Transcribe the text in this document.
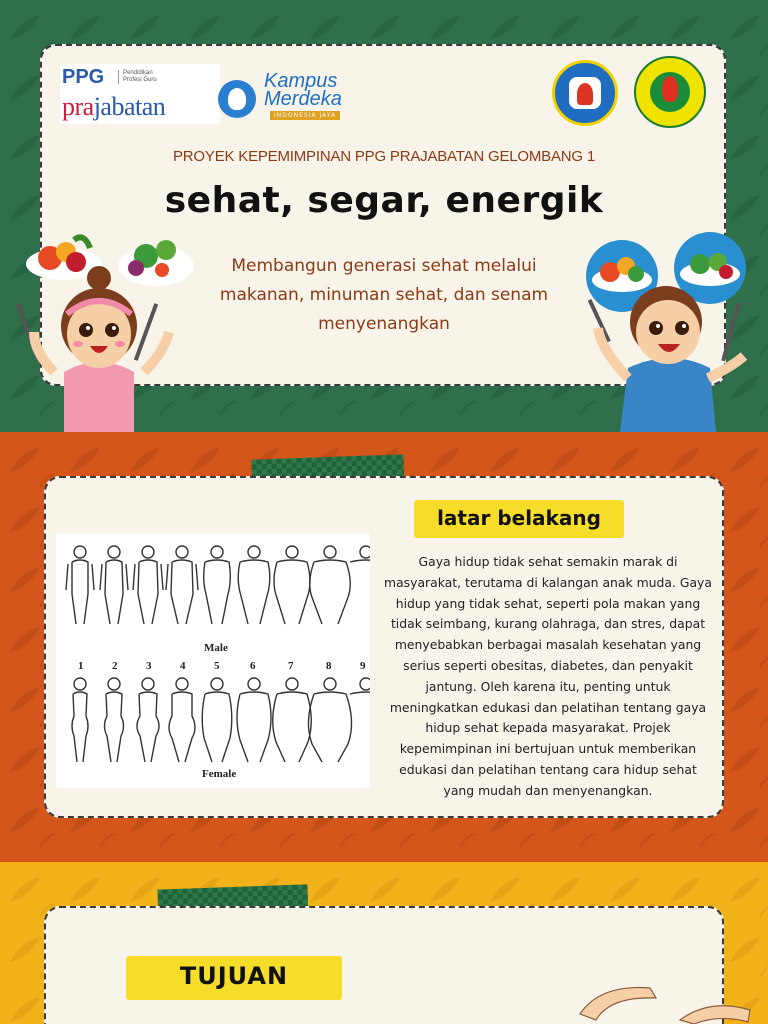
PPG	Pendidikan Profesi Guru
prajabatan
Kampus
Merdeka
INDONESIA JAYA
PROYEK KEPEMIMPINAN PPG PRAJABATAN GELOMBANG 1
sehat, segar, energik
Membangun generasi sehat melalui makanan, minuman sehat, dan senam menyenangkan
Male
Female
1	2	3	4	5	6	7	8	9
latar belakang
Gaya hidup tidak sehat semakin marak di masyarakat, terutama di kalangan anak muda. Gaya hidup yang tidak sehat, seperti pola makan yang tidak seimbang, kurang olahraga, dan stres, dapat menyebabkan berbagai masalah kesehatan yang serius seperti obesitas, diabetes, dan penyakit jantung. Oleh karena itu, penting untuk meningkatkan edukasi dan pelatihan tentang gaya hidup sehat kepada masyarakat. Projek kepemimpinan ini bertujuan untuk memberikan edukasi dan pelatihan tentang cara hidup sehat yang mudah dan menyenangkan.
TUJUAN
